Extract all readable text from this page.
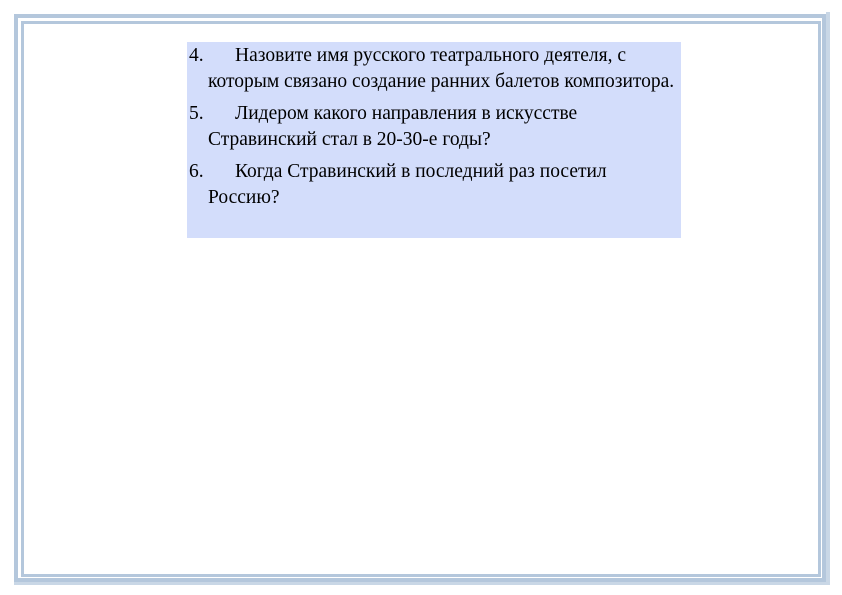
4.	Назовите имя русского театрального деятеля, с которым связано создание ранних балетов композитора.
5.	Лидером какого направления в искусстве Стравинский стал в 20-30-е годы?
6.	Когда Стравинский в последний раз посетил Россию?
